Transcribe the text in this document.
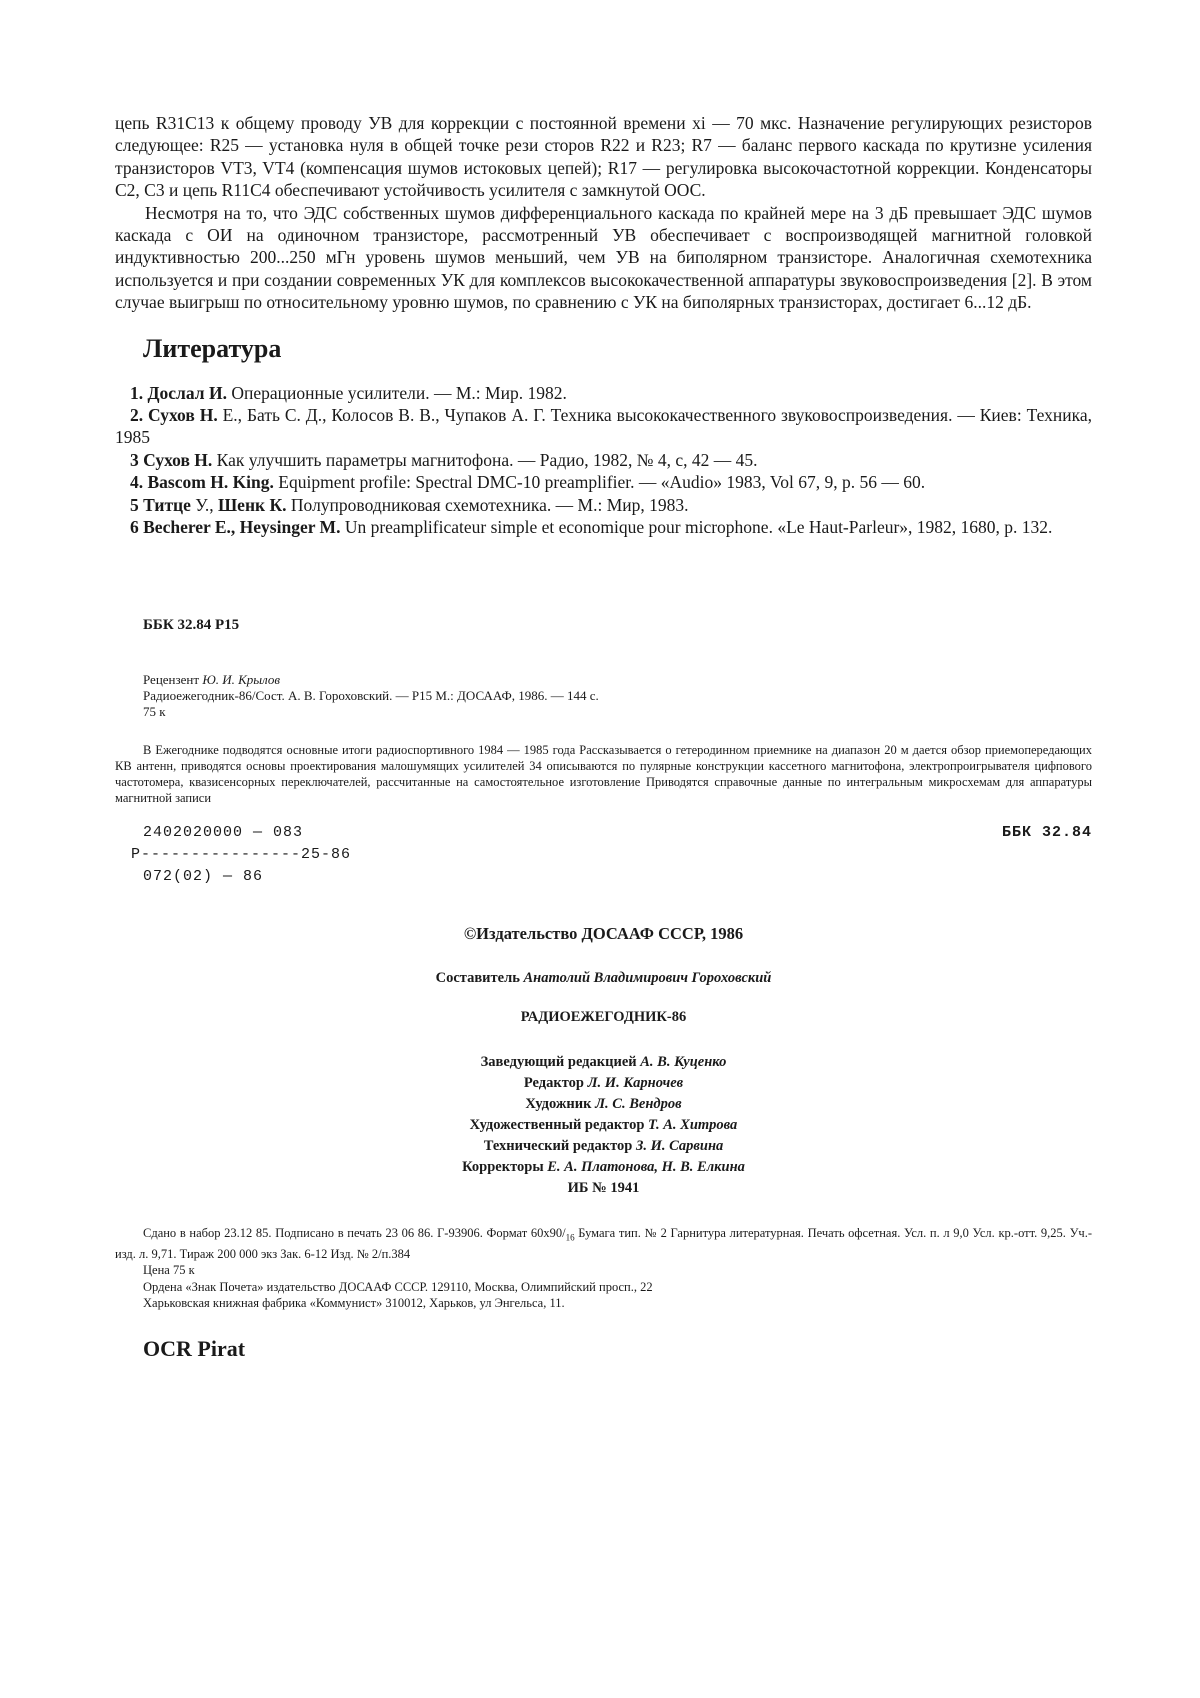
цепь R31C13 к общему проводу УВ для коррекции с постоянной времени xi — 70 мкс. Назначение регулирующих резисторов следующее: R25 — установка нуля в общей точке рези сторов R22 и R23; R7 — баланс первого каскада по крутизне усиления транзисторов VT3, VT4 (компенсация шумов истоковых цепей); R17 — регулировка высокочастотной коррекции. Конденсаторы C2, C3 и цепь R11C4 обеспечивают устойчивость усилителя с замкнутой ООС.

Несмотря на то, что ЭДС собственных шумов дифференциального каскада по крайней мере на 3 дБ превышает ЭДС шумов каскада с ОИ на одиночном транзисторе, рассмотренный УВ обеспечивает с воспроизводящей магнитной головкой индуктивностью 200...250 мГн уровень шумов меньший, чем УВ на биполярном транзисторе. Аналогичная схемотехника используется и при создании современных УК для комплексов высококачественной аппаратуры звуковоспроизведения [2]. В этом случае выигрыш по относительному уровню шумов, по сравнению с УК на биполярных транзисторах, достигает 6...12 дБ.

Литература

1. Дослал И. Операционные усилители. — М.: Мир. 1982.

2. Сухов Н. Е., Бать С. Д., Колосов В. В., Чупаков А. Г. Техника высококачественного звуковоспроизведения. — Киев: Техника, 1985

3 Сухов Н. Как улучшить параметры магнитофона. — Радио, 1982, № 4, с, 42 — 45.

4. Bascom H. King. Equipment profile: Spectral DMC-10 preamplifier. — «Audio» 1983, Vol 67, 9, p. 56 — 60.

5 Титце У., Шенк К. Полупроводниковая схемотехника. — М.: Мир, 1983.

6 Becherer E., Heysinger M. Un preamplificateur simple et economique pour microphone. «Le Haut-Parleur», 1982, 1680, p. 132.

ББК 32.84 Р15
Рецензент Ю. И. Крылов
Радиоежегодник-86/Сост. А. В. Гороховский. — Р15 М.: ДОСААФ, 1986. — 144 с.
75 к

В Ежегоднике подводятся основные итоги радиоспортивного 1984 — 1985 года Рассказывается о гетеродинном приемнике на диапазон 20 м дается обзор приемопередающих КВ антенн, приводятся основы проектирования малошумящих усилителей 34 описываются по пулярные конструкции кассетного магнитофона, электропроигрывателя цифпового частотомера, квазисенсорных переключателей, рассчитанные на самостоятельное изготовление Приводятся справочные данные по интегральным микросхемам для аппаратуры магнитной записи

2402020000 — 083
Р----------------25-86
072(02) — 86
ББК 32.84
©Издательство ДОСААФ СССР, 1986
Составитель Анатолий Владимирович Гороховский
РАДИОЕЖЕГОДНИК-86
Заведующий редакцией А. В. Куценко
Редактор Л. И. Карночев
Художник Л. С. Вендров
Художественный редактор Т. А. Хитрова
Технический редактор З. И. Сарвина
Корректоры Е. А. Платонова, Н. В. Елкина
ИБ № 1941

Сдано в набор 23.12 85. Подписано в печать 23 06 86. Г-93906. Формат 60x90/16 Бумага тип. № 2 Гарнитура литературная. Печать офсетная. Усл. п. л 9,0 Усл. кр.-отт. 9,25. Уч.-изд. л. 9,71. Тираж 200 000 экз Зак. 6-12 Изд. № 2/п.384

Цена 75 к
Ордена «Знак Почета» издательство ДОСААФ СССР. 129110, Москва, Олимпийский просп., 22
Харьковская книжная фабрика «Коммунист» 310012, Харьков, ул Энгельса, 11.
OCR Pirat
